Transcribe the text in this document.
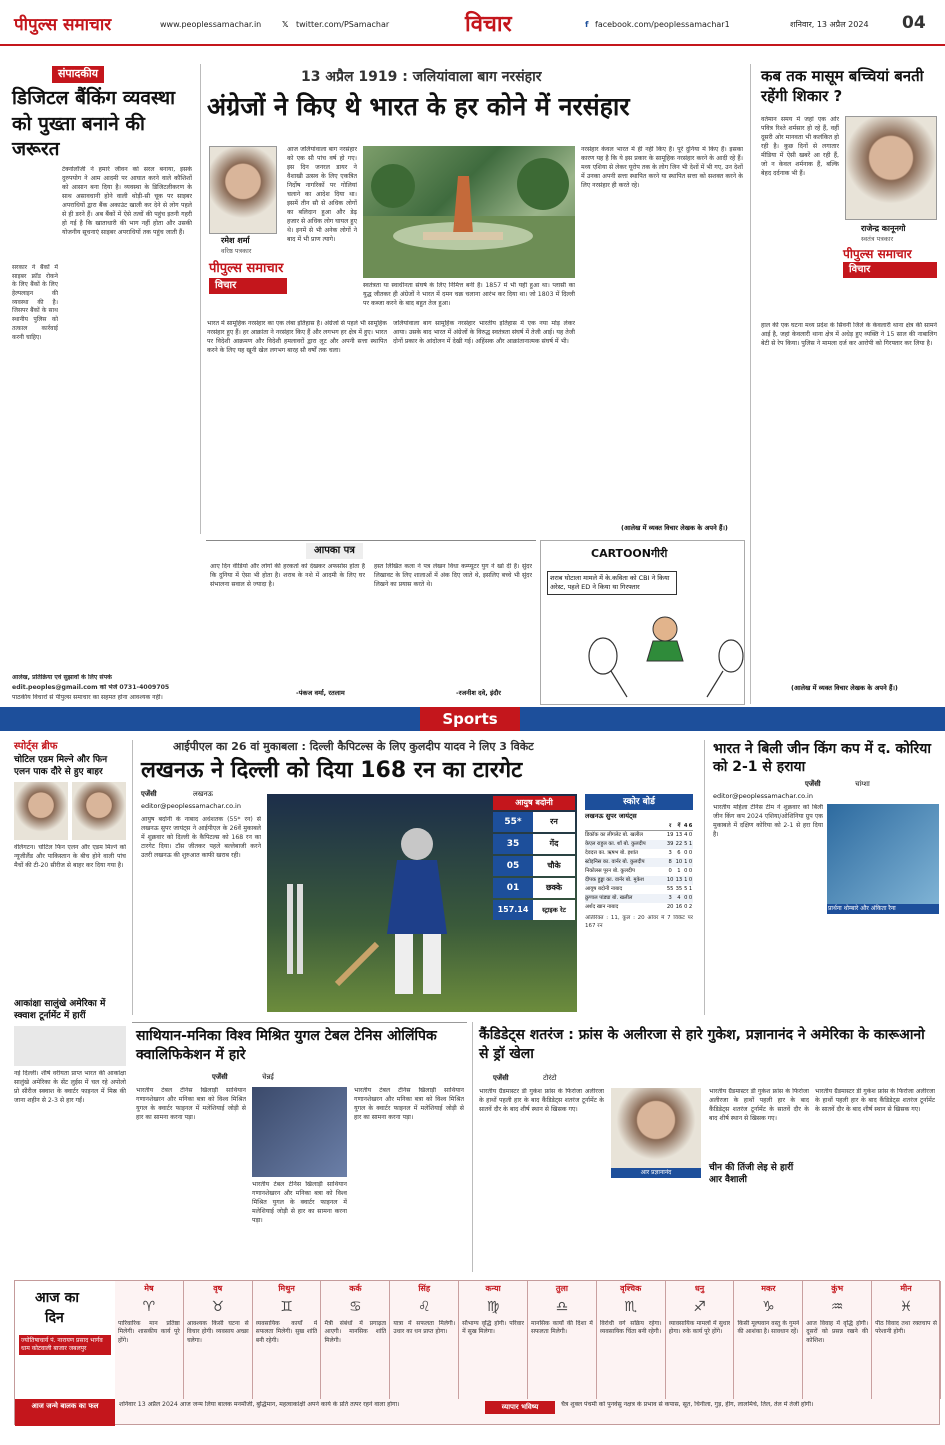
पीपुल्स समाचार	www.peoplessamachar.in	𝕏 twitter.com/PSamachar	विचार	f facebook.com/peoplessamachar1	शनिवार, 13 अप्रैल 2024 04
संपादकीय
डिजिटल बैंकिंग व्यवस्था को पुख्ता बनाने की जरूरत
टेक्नोलॉजी ने हमारे जीवन को सरल बनाया, इसके दुरुपयोग ने आम आदमी पर आघात करने वाले कौशिशों को आसान बना दिया है। व्यवस्था के डिजिटलीकरण के साथ असावधानी होने वाली थोड़ी-सी चूक पर साइबर अपराधियों द्वारा बैंक अकाउंट खाली कर देने से लोग पहले से ही डरने हैं। अब बैंकों में ऐसे तत्वों की पहुंच इतनी गहरी हो गई है कि खाताधारी की भाग नहीं होता और उसकी योजनीय सूचनाएं साइबर अपराधियों तक पहुंच जाती हैं।
सरकार ने बैंकों में साइबर फ्रॉड रोकने के लिए बैंकों के लिए हेल्पलाइन की व्यवस्था की है। जिसपर बैंकों के साथ स्थानीय पुलिस को तत्काल कार्रवाई करनी चाहिए।
आलेख, प्रतिक्रिया एवं सुझावों के लिए संपर्क
edit.peoples@gmail.com को भेजें 0731-4009705
पाठकीय विचारों से पीपुल्स समाचार का सहमत होना आवश्यक नहीं।
13 अप्रैल 1919 : जलियांवाला बाग नरसंहार
अंग्रेजों ने किए थे भारत के हर कोने में नरसंहार
रमेश शर्मा
वरिष्ठ पत्रकार
पीपुल्स समाचार
विचार
आज जलियांवाला बाग नरसंहार को एक सौ पांच वर्ष हो गए। इस दिन जनरल डायर ने वैशाखी उत्सव के लिए एकत्रित निर्दोष नागरिकों पर गोलियां चलाने का आदेश दिया था। इसमें तीन सौ से अधिक लोगों का बलिदान हुआ और डेढ़ हजार से अधिक लोग घायल हुए थे। इनमें से भी अनेक लोगों ने बाद में भी प्राण त्यागे।
स्वतंत्रता या स्वाधीनता संघर्ष के लिए निमित्त बनी है। 1857 में भी यही हुआ था। प्लासी का युद्ध जीतकर ही अंग्रेजों ने भारत में दमन चक्र चलाना आरंभ कर दिया था। जो 1803 में दिल्ली पर कब्जा करने के बाद बहुत तेज हुआ।
नरसंहार केवल भारत में ही नहीं किए हैं। पूरे दुनिया में किए हैं। इसका कारण यह है कि ये इस प्रकार के सामूहिक नरसंहार करने के आदी रहे हैं। मध्य एशिया से लेकर यूरोप तक के लोग जिन भी देशों में भी गए, उन देशों में उनका अपनी सत्ता स्थापित करने या स्थापित सत्ता को सशक्त करने के लिए नरसंहार ही करते रहे।
भारत में सामूहिक नरसंहार का एक लंबा इतिहास है। अंग्रेजों से पहले भी सामूहिक नरसंहार हुए हैं। हर आक्रांता ने नरसंहार किए हैं और लगभग हर क्षेत्र में हुए। भारत पर विदेशी आक्रमण और विदेशी हमलावरों द्वारा लूट और अपनी सत्ता स्थापित करने के लिए यह खूनी खेल लगभग बारह सौ वर्षों तक चला।
जलियांवाला बाग सामूहिक नरसंहार भारतीय इतिहास में एक नया मोड़ लेकर आया। उसके बाद भारत में अंग्रेजों के विरुद्ध स्वतंत्रता संघर्ष में तेजी आई। यह तेजी दोनों प्रकार के आंदोलन में देखी गई। अहिंसक और आक्रांतानात्मक संघर्ष में भी।
(आलेख में व्यक्त विचार लेखक के अपने हैं।)
आपका पत्र
आए दिन वीडियो और लोगों की हरकतों को देखकर अफसोस होता है कि दुनिया में ऐसा भी होता है। शराब के नशे में आदमी के लिए घर संभालना सवाल से ज्यादा है।
-पंकज वर्मा, रतलाम
हस्त लिखित कला ने पत्र लेखन विधा कम्प्यूटर युग ने खो दी है। सुंदर लिखावट के लिए शालाओं में अंक दिए जाते थे, इसलिए बच्चे भी सुंदर लिखने का प्रयास करते थे।
-रजनीश दवे, इंदौर
CARTOONगीरी
शराब घोटाला मामले में के.कविता को CBI ने किया अरेस्ट, पहले ED ने किया था गिरफ्तार
कब तक मासूम बच्चियां बनती रहेंगी शिकार ?
वर्तमान समय में जहां एक ओर पवित्र रिश्ते शर्मसार हो रहे हैं, वहीं दूसरी ओर मानवता भी कलंकित हो रही है। कुछ दिनों से लगातार मीडिया में ऐसी खबरें आ रही हैं, जो न केवल शर्मनाक हैं, बल्कि बेहद दर्दनाक भी हैं।
राजेन्द्र कानूनगो
स्वतंत्र पत्रकार
पीपुल्स समाचार
विचार
हाल की एक घटना मध्य प्रदेश के सिवनी जिले के केवलारी थाना क्षेत्र की सामने आई है, जहां केवलारी थाना क्षेत्र में अधेड़ हुए व्यक्ति ने 15 साल की नाबालिग बेटी से रेप किया। पुलिस ने मामला दर्ज कर आरोपी को गिरफ्तार कर लिया है।
(आलेख में व्यक्त विचार लेखक के अपने हैं।)
Sports
स्पोर्ट्स ब्रीफ
चोटिल एडम मिल्ने और फिन एलन पाक दौरे से हुए बाहर
वेलिंगटन। चोटिल फिन एलन और एडम मिल्ने को न्यूजीलैंड और पाकिस्तान के बीच होने वाली पांच मैचों की टी-20 सीरीज से बाहर कर दिया गया है।
आकांक्षा सालुंखे अमेरिका में स्क्वाश टूर्नामेंट में हारीं
नई दिल्ली। शीर्ष वरीयता प्राप्त भारत की आकांक्षा सालुंखे अमेरिका के सेंट लुईस में चल रहे अपोलो प्रो सीरीज स्क्वाश के क्वार्टर फाइनल में मिस्र की जाना शहीन से 2-3 से हार गईं।
आईपीएल का 26 वां मुकाबला : दिल्ली कैपिटल्स के लिए कुलदीप यादव ने लिए 3 विकेट
लखनऊ ने दिल्ली को दिया 168 रन का टारगेट
एजेंसी	लखनऊ
editor@peoplessamachar.co.in
आयुष बदोनी के नाबाद अर्धशतक (55* रन) से लखनऊ सुपर जायंट्स ने आईपीएल के 26वें मुकाबले में शुक्रवार को दिल्ली के कैपिटल्स को 168 रन का टारगेट दिया। टॉस जीतकर पहले बल्लेबाजी करने उतरी लखनऊ की शुरुआत काफी खराब रही।
आयुष बदोनी
55*	रन
35	गेंद
05	चौके
01	छक्के
157.14	स्ट्राइक रेट
स्कोर बोर्ड
लखनऊ सुपर जायंट्स
	र	गें	4	6
डिकॉक का लीगलेट बो. खलील	19	13	4	0
केएल राहुल का. शॉ बो. कुलदीप	39	22	5	1
देवदत्त का. ऋषभ बो. इशांत	3	6	0	0
स्टोइनिस का. वार्नर बो. कुलदीप	8	10	1	0
निकोलस पूरन बो. कुलदीप	0	1	0	0
दीपक हुड्डा का. वार्नर बो. मुकेश	10	13	1	0
आयुष बदोनी नाबाद	55	35	5	1
क्रुणाल पांड्या बो. खलील	3	4	0	0
अर्शद खान नाबाद	20	16	0	2
अतिरिक्त : 11, कुल : 20 ओवर में 7 विकेट पर 167 रन
भारत ने बिली जीन किंग कप में द. कोरिया को 2-1 से हराया
एजेंसी	चांग्शा
editor@peoplessamachar.co.in
भारतीय महिला टेनिस टीम ने शुक्रवार को बिली जीन किंग कप 2024 एशिया/ओशिनिया ग्रुप एक मुकाबले में दक्षिण कोरिया को 2-1 से हरा दिया है।
प्रार्थना थोम्बारे और अंकिता रैना
साथियान-मनिका विश्व मिश्रित युगल टेबल टेनिस ओलिंपिक क्वालिफिकेशन में हारे
एजेंसी	चेन्नई
भारतीय टेबल टेनिस खिलाड़ी साथियान गणानशेखरन और मनिका बत्रा को विश्व मिश्रित युगल के क्वार्टर फाइनल में मलेशियाई जोड़ी से हार का सामना करना पड़ा।
भारतीय टेबल टेनिस खिलाड़ी साथियान गणानशेखरन और मनिका बत्रा को विश्व मिश्रित युगल के क्वार्टर फाइनल में मलेशियाई जोड़ी से हार का सामना करना पड़ा।
भारतीय टेबल टेनिस खिलाड़ी साथियान गणानशेखरन और मनिका बत्रा को विश्व मिश्रित युगल के क्वार्टर फाइनल में मलेशियाई जोड़ी से हार का सामना करना पड़ा।
कैंडिडेट्स शतरंज : फ्रांस के अलीरजा से हारे गुकेश, प्रज्ञानानंद ने अमेरिका के कारूआनो से ड्रॉ खेला
एजेंसी	टोरंटो
भारतीय ग्रैंडमास्टर डी गुकेश फ्रांस के फिरोजा अलीरजा के हाथों पहली हार के बाद कैंडिडेट्स शतरंज टूर्नामेंट के सातवें दौर के बाद शीर्ष स्थान से खिसक गए।
आर प्रज्ञानानंद	चीन की तिंजी लेइ से हारीं आर वैशाली
भारतीय ग्रैंडमास्टर डी गुकेश फ्रांस के फिरोजा अलीरजा के हाथों पहली हार के बाद कैंडिडेट्स शतरंज टूर्नामेंट के सातवें दौर के बाद शीर्ष स्थान से खिसक गए।
भारतीय ग्रैंडमास्टर डी गुकेश फ्रांस के फिरोजा अलीरजा के हाथों पहली हार के बाद कैंडिडेट्स शतरंज टूर्नामेंट के सातवें दौर के बाद शीर्ष स्थान से खिसक गए।
आज का
दिन
ज्योतिषाचार्य पं. नारायण प्रसाद भार्गव धाम कोटवाली बाजार जबलपुर
मेष
♈
पारिवारिक मान प्रतिष्ठा मिलेगी। शासकीय कार्य पूरे होंगे।
वृष
♉
आवश्यक किसी घटना से विचार होगी। व्यवसाय अच्छा चलेगा।
मिथुन
♊
व्यवसायिक कार्यों में सफलता मिलेगी। सुख शांति बनी रहेगी।
कर्क
♋
मैत्री संबंधों में प्रगाढ़ता आएगी। मानसिक शांति मिलेगी।
सिंह
♌
यात्रा में सफलता मिलेगी। उधार का धन प्राप्त होगा।
कन्या
♍
सौभाग्य वृद्धि होगी। परिवार में सुख मिलेगा।
तुला
♎
मानसिक कार्यों की दिशा में सफलता मिलेगी।
वृश्चिक
♏
विरोधी वर्ग सक्रिय रहेगा। व्यवसायिक चिंता बनी रहेगी।
धनु
♐
व्यावसायिक मामलों में सुधार होगा। रुके कार्य पूरे होंगे।
मकर
♑
किसी मूल्यवान वस्तु के गुमने की आशंका है। सावधान रहें।
कुंभ
♒
आज विवाह में वृद्धि होगी। दूसरों को प्रसन्न रखने की कोशिश।
मीन
♓
पीठ विवाद तथा रक्तचाप से परेशानी होगी।
आज जन्मे बालक का फल	शनिवार 13 अप्रैल 2024 आज जन्म लिया बालक मनमौजी, बुद्धिमान, महत्वाकांक्षी अपने कार्य के प्रति तत्पर रहने वाला होगा।	व्यापार भविष्य	चैत्र शुक्ल पंचमी को पुनर्वसु नक्षत्र के प्रभाव से कपास, सूत, चिनीला, गुड़, हींग, लालमिर्च, तिल, तेल में तेजी होगी।
